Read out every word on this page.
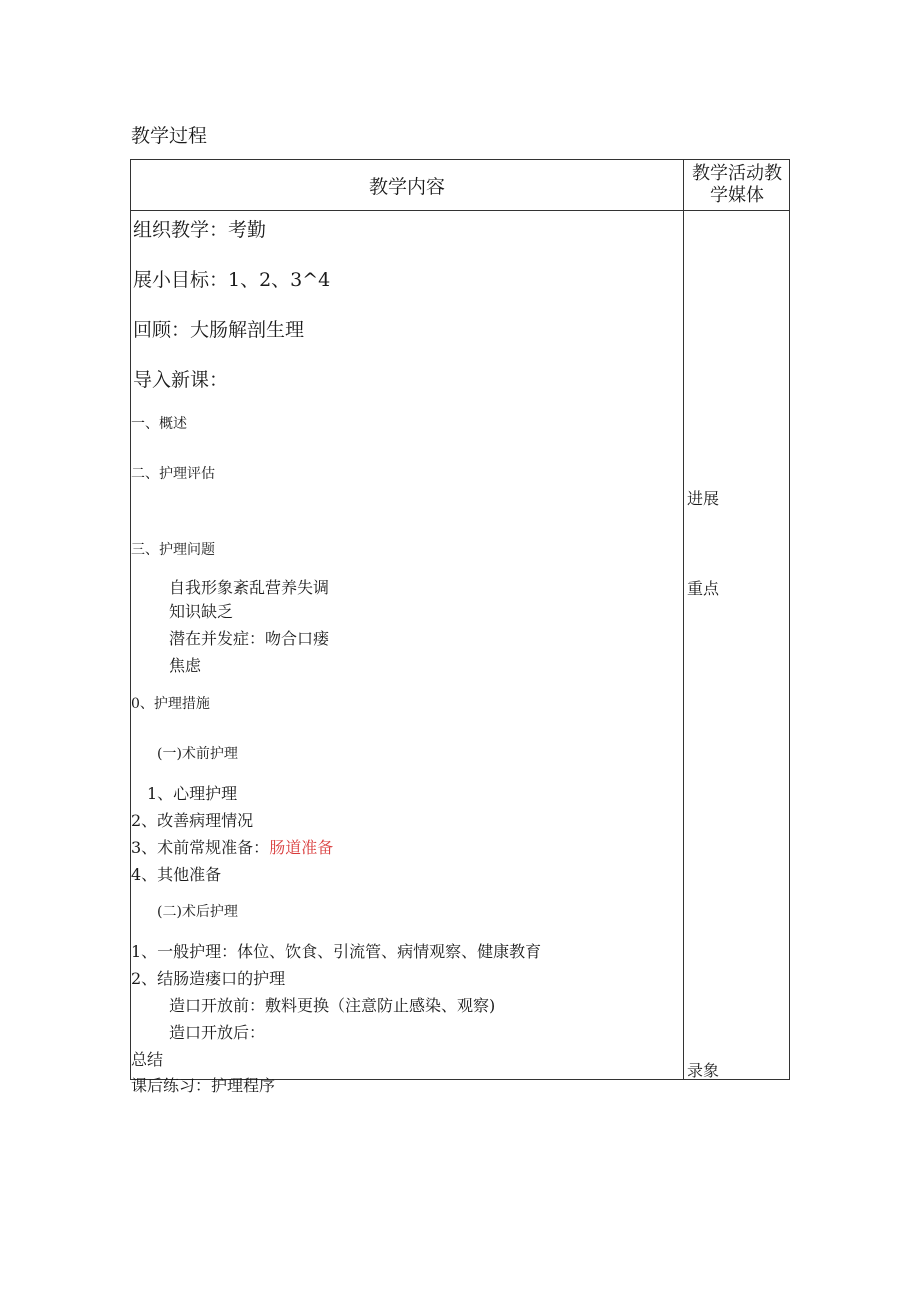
教学过程
教学内容
教学活动教学媒体
组织教学：考勤
展小目标：1、2、3^4
回顾：大肠解剖生理
导入新课：
一、概述
二、护理评估
三、护理问题
自我形象紊乱营养失调
知识缺乏
潜在并发症：吻合口瘘
焦虑
0、护理措施
(一)术前护理
1、心理护理
2、改善病理情况
3、术前常规准备：肠道准备
4、其他准备
(二)术后护理
1、一般护理：体位、饮食、引流管、病情观察、健康教育
2、结肠造瘘口的护理
造口开放前：敷料更换（注意防止感染、观察)
造口开放后：
总结
课后练习：护理程序
进展
重点
录象
